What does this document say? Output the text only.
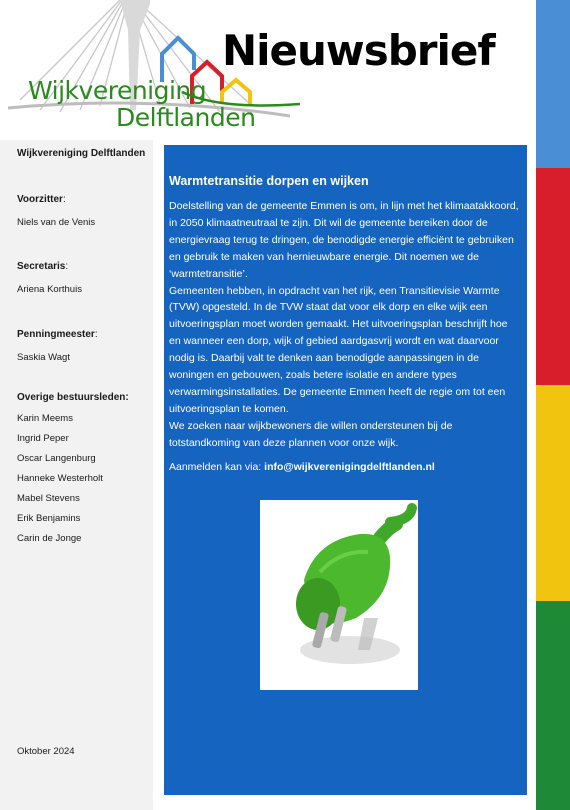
Nieuwsbrief
Wijkvereniging
Delftlanden
Wijkvereniging Delftlanden
Voorzitter:
Niels van de Venis
Secretaris:
Ariena Korthuis
Penningmeester:
Saskia Wagt
Overige bestuursleden:
Karin Meems
Ingrid Peper
Oscar Langenburg
Hanneke Westerholt
Mabel Stevens
Erik Benjamins
Carin de Jonge
Oktober 2024
Warmtetransitie dorpen en wijken

Doelstelling van de gemeente Emmen is om, in lijn met het klimaatakkoord, in 2050 klimaatneutraal te zijn. Dit wil de gemeente bereiken door de energievraag terug te dringen, de benodigde energie efficiënt te gebruiken en gebruik te maken van hernieuwbare energie. Dit noemen we de ‘warmtetransitie’.

Gemeenten hebben, in opdracht van het rijk, een Transitievisie Warmte (TVW) opgesteld. In de TVW staat dat voor elk dorp en elke wijk een uitvoeringsplan moet worden gemaakt. Het uitvoeringsplan beschrijft hoe en wanneer een dorp, wijk of gebied aardgasvrij wordt en wat daarvoor nodig is. Daarbij valt te denken aan benodigde aanpassingen in de woningen en gebouwen, zoals betere isolatie en andere types verwarmingsinstallaties. De gemeente Emmen heeft de regie om tot een uitvoeringsplan te komen.

We zoeken naar wijkbewoners die willen ondersteunen bij de totstandkoming van deze plannen voor onze wijk.

Aanmelden kan via: info@wijkverenigingdelftlanden.nl
